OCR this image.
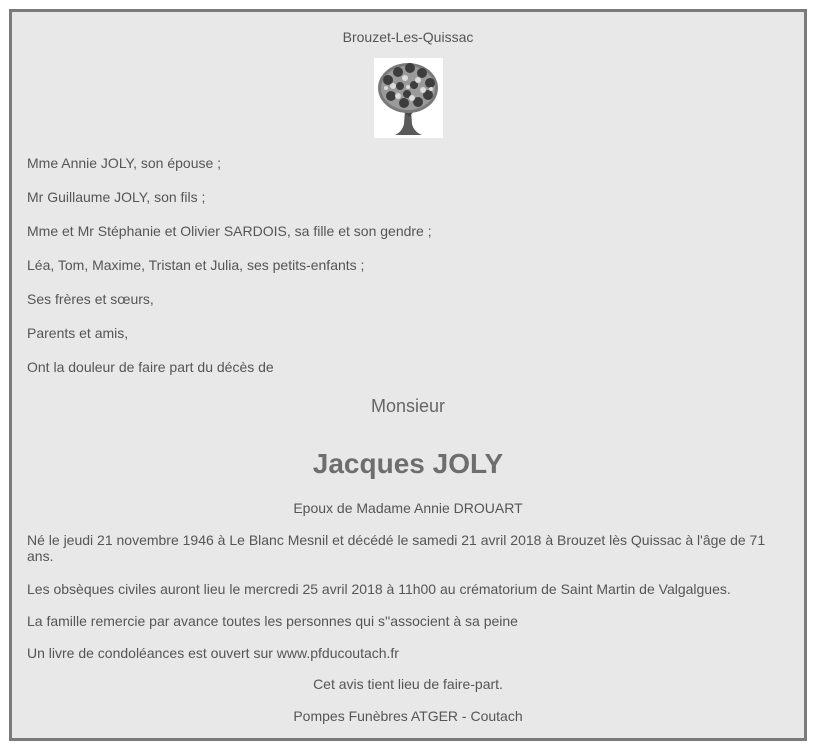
Brouzet-Les-Quissac

Mme Annie JOLY, son épouse ;

Mr Guillaume JOLY, son fils ;

Mme et Mr Stéphanie et Olivier SARDOIS, sa fille et son gendre ;

Léa, Tom, Maxime, Tristan et Julia, ses petits-enfants ;

Ses frères et sœurs,

Parents et amis,

Ont la douleur de faire part du décès de

Monsieur

Jacques JOLY

Epoux de Madame Annie DROUART

Né le jeudi 21 novembre 1946 à Le Blanc Mesnil et décédé le samedi 21 avril 2018 à Brouzet lès Quissac à l'âge de 71 ans.

Les obsèques civiles auront lieu le mercredi 25 avril 2018 à 11h00 au crématorium de Saint Martin de Valgalgues.

La famille remercie par avance toutes les personnes qui s''associent à sa peine

Un livre de condoléances est ouvert sur www.pfducoutach.fr

Cet avis tient lieu de faire-part.

Pompes Funèbres ATGER - Coutach
